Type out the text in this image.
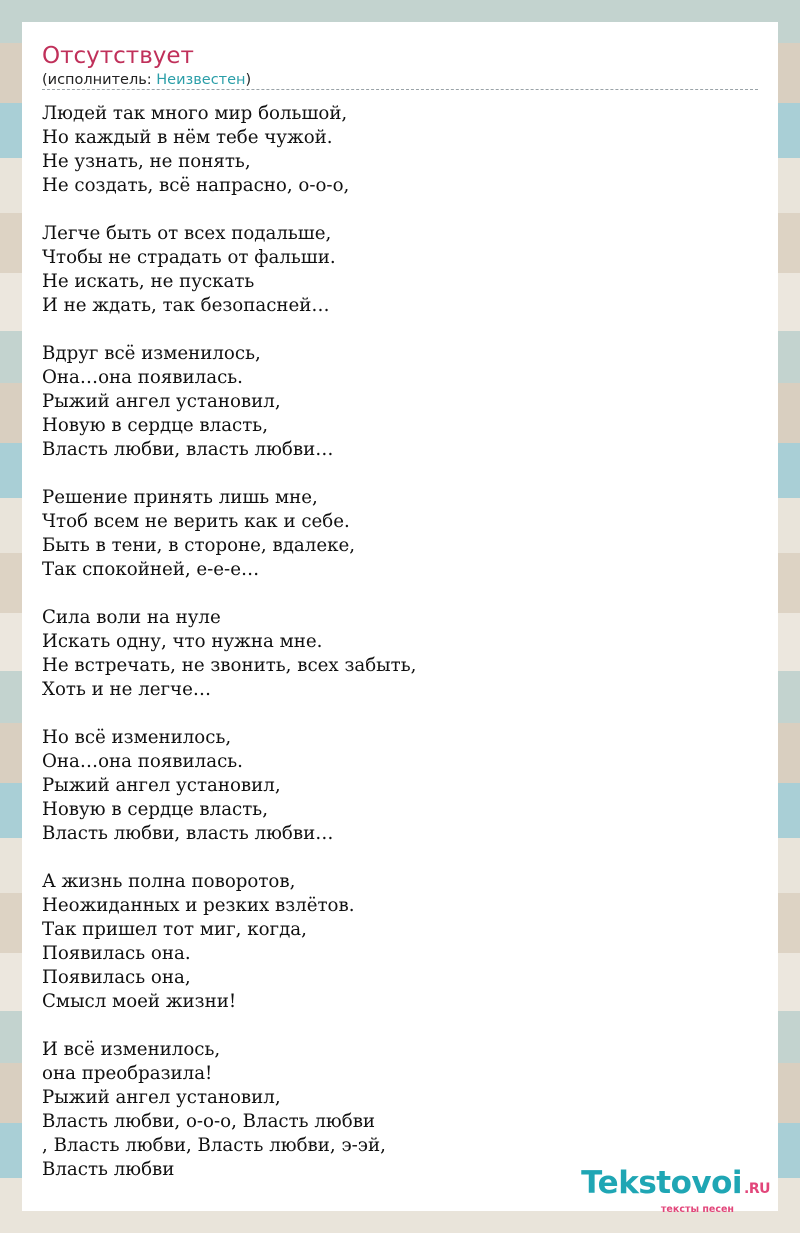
Отсутствует
(исполнитель: Неизвестен)
Людей так много мир большой,
Но каждый в нём тебе чужой.
Не узнать, не понять,
Не создать, всё напрасно, о-о-о,
Легче быть от всех подальше,
Чтобы не страдать от фальши.
Не искать, не пускать
И не ждать, так безопасней…
Вдруг всё изменилось,
Она…она появилась.
Рыжий ангел установил,
Новую в сердце власть,
Власть любви, власть любви…
Решение принять лишь мне,
Чтоб всем не верить как и себе.
Быть в тени, в стороне, вдалеке,
Так спокойней, е-е-е…
Сила воли на нуле
Искать одну, что нужна мне.
Не встречать, не звонить, всех забыть,
Хоть и не легче…
Но всё изменилось,
Она…она появилась.
Рыжий ангел установил,
Новую в сердце власть,
Власть любви, власть любви…
А жизнь полна поворотов,
Неожиданных и резких взлётов.
Так пришел тот миг, когда,
Появилась она.
Появилась она,
Смысл моей жизни!
И всё изменилось,
она преобразила!
Рыжий ангел установил,
Власть любви, о-о-о, Власть любви
, Власть любви, Власть любви, э-эй,
Власть любви	Tekstovoi .RU
тексты песен
